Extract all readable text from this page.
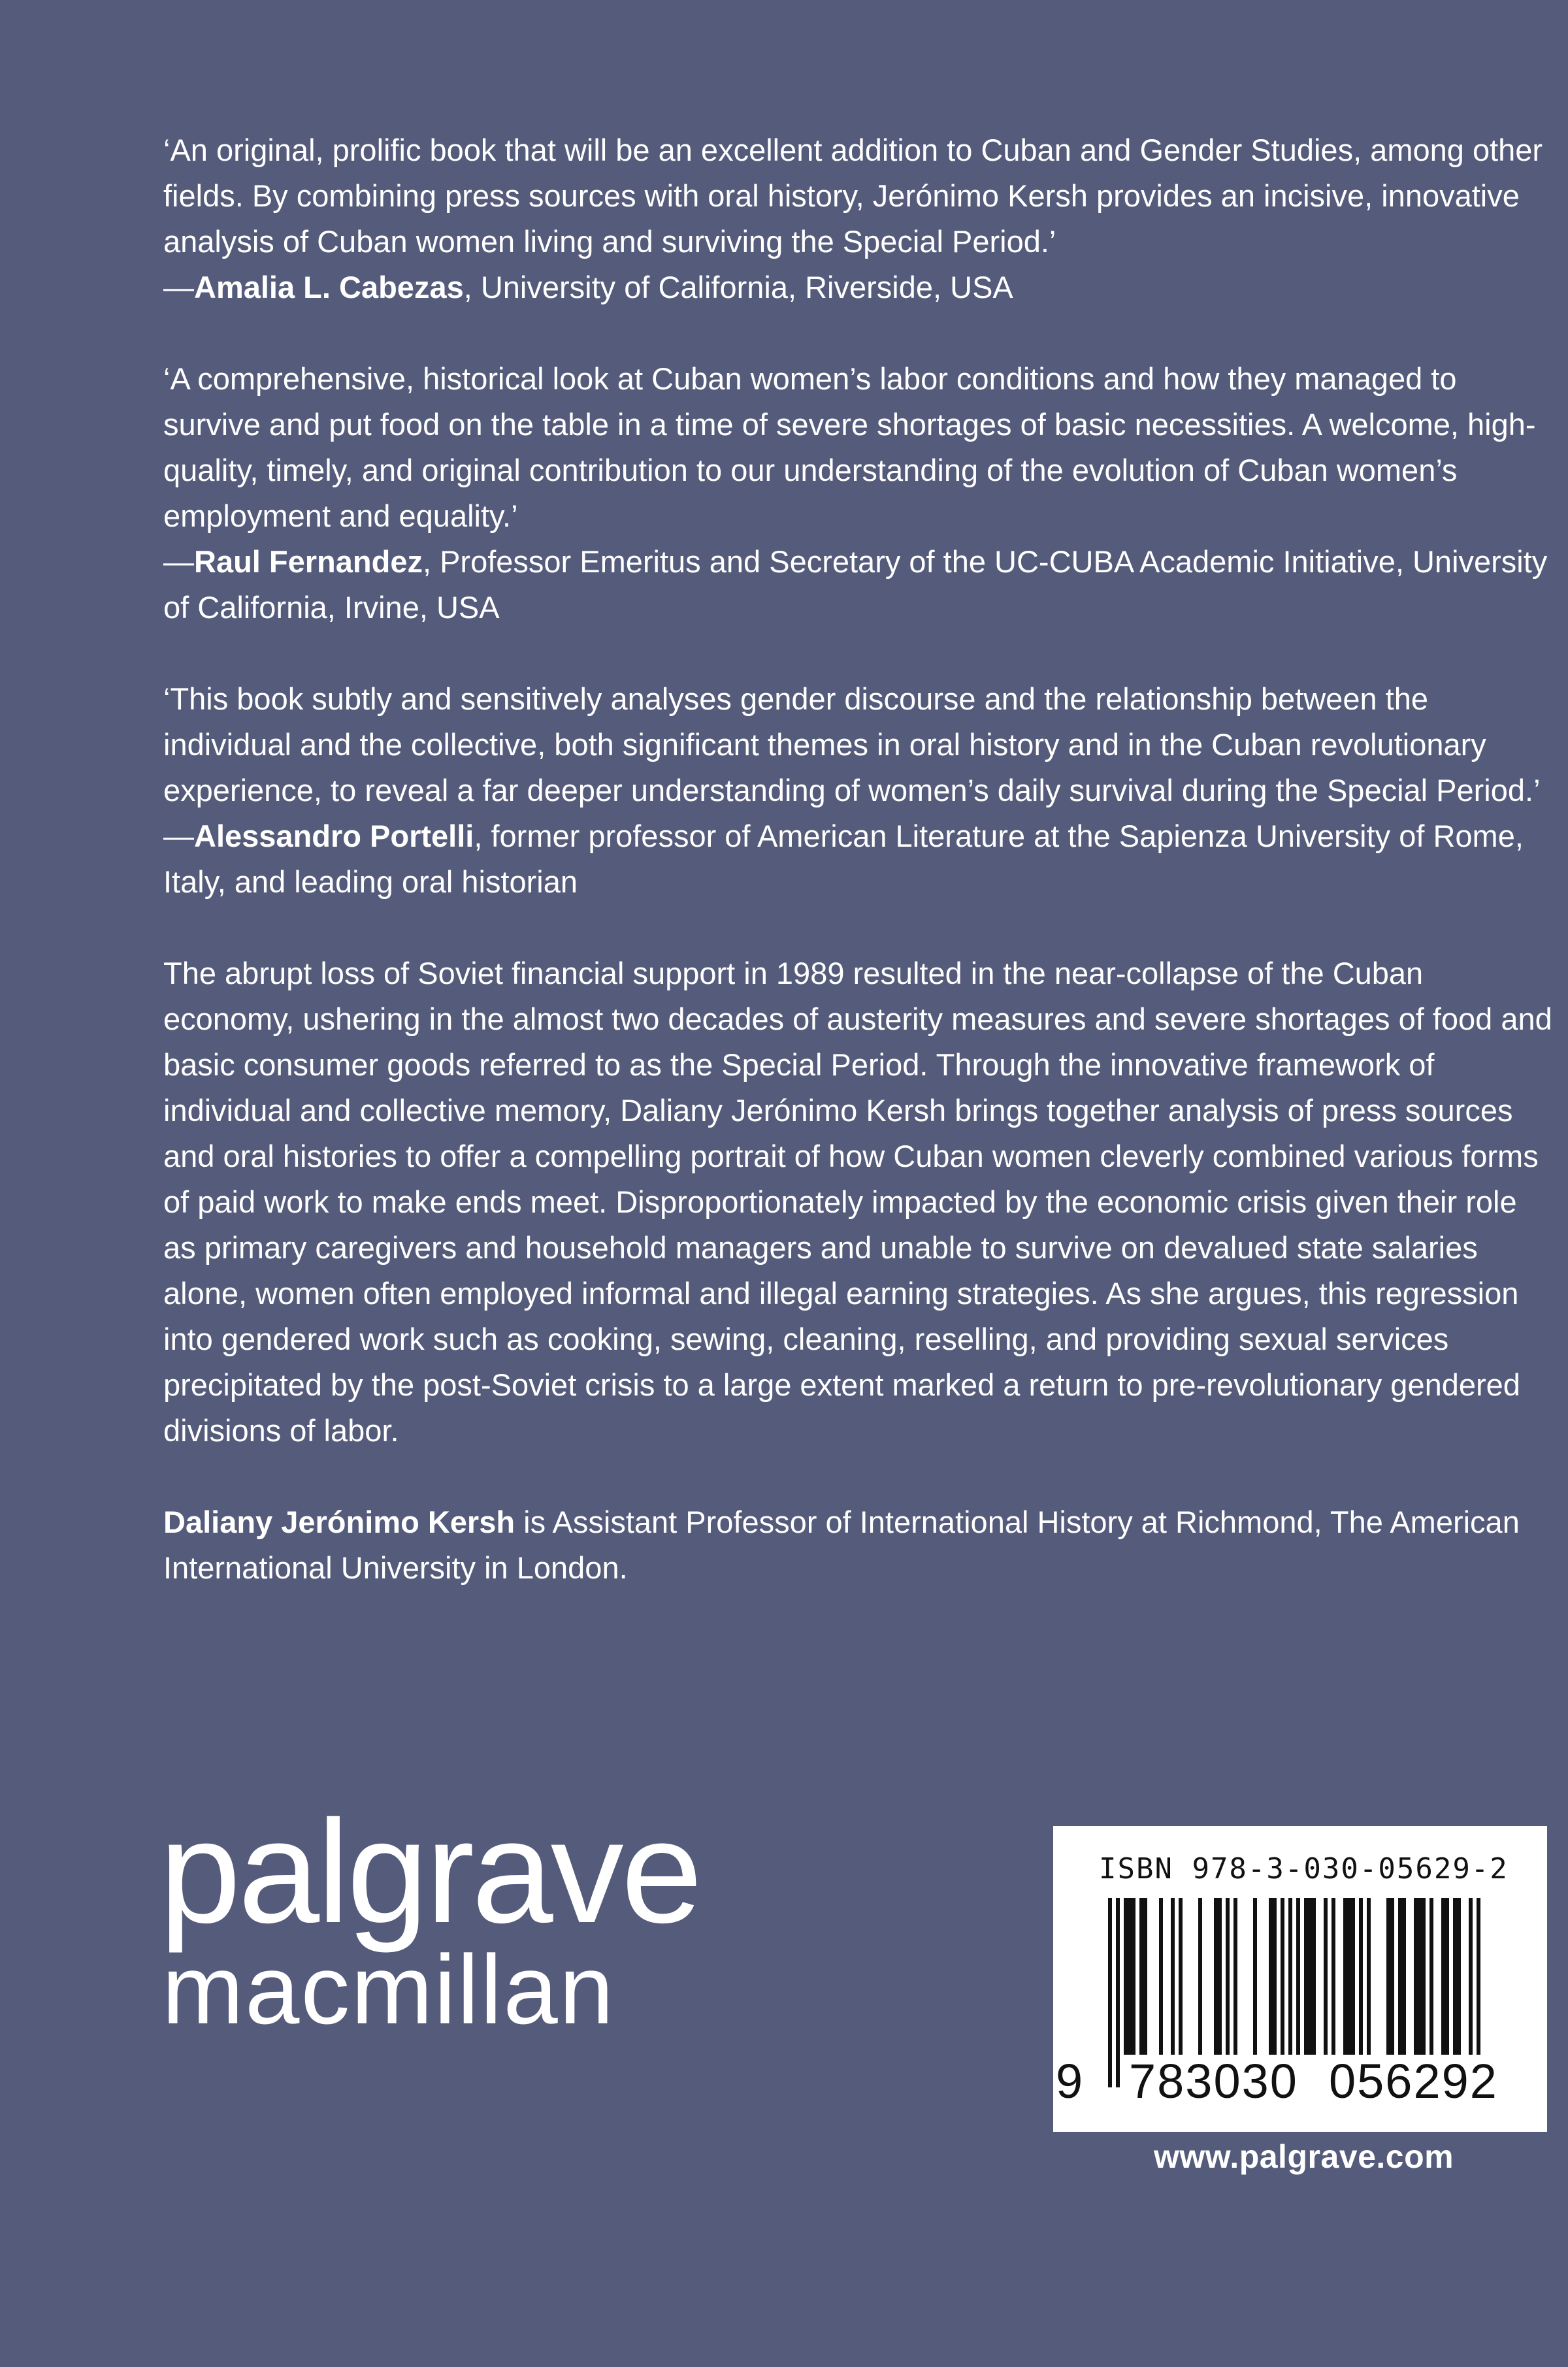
‘An original, prolific book that will be an excellent addition to Cuban and Gender Studies, among other fields. By combining press sources with oral history, Jerónimo Kersh provides an incisive, innovative analysis of Cuban women living and surviving the Special Period.’

—Amalia L. Cabezas, University of California, Riverside, USA

‘A comprehensive, historical look at Cuban women’s labor conditions and how they managed to survive and put food on the table in a time of severe shortages of basic necessities. A welcome, high-quality, timely, and original contribution to our understanding of the evolution of Cuban women’s employment and equality.’

—Raul Fernandez, Professor Emeritus and Secretary of the UC-CUBA Academic Initiative, University of California, Irvine, USA

‘This book subtly and sensitively analyses gender discourse and the relationship between the individual and the collective, both significant themes in oral history and in the Cuban revolutionary experience, to reveal a far deeper understanding of women’s daily survival during the Special Period.’

—Alessandro Portelli, former professor of American Literature at the Sapienza University of Rome, Italy, and leading oral historian

The abrupt loss of Soviet financial support in 1989 resulted in the near-collapse of the Cuban economy, ushering in the almost two decades of austerity measures and severe shortages of food and basic consumer goods referred to as the Special Period. Through the innovative framework of individual and collective memory, Daliany Jerónimo Kersh brings together analysis of press sources and oral histories to offer a compelling portrait of how Cuban women cleverly combined various forms of paid work to make ends meet. Disproportionately impacted by the economic crisis given their role as primary caregivers and household managers and unable to survive on devalued state salaries alone, women often employed informal and illegal earning strategies. As she argues, this regression into gendered work such as cooking, sewing, cleaning, reselling, and providing sexual services precipitated by the post-Soviet crisis to a large extent marked a return to pre-revolutionary gendered divisions of labor.

Daliany Jerónimo Kersh is Assistant Professor of International History at Richmond, The American International University in London.

palgrave
macmillan
ISBN 978-3-030-05629-2
9 783030 056292
www.palgrave.com
